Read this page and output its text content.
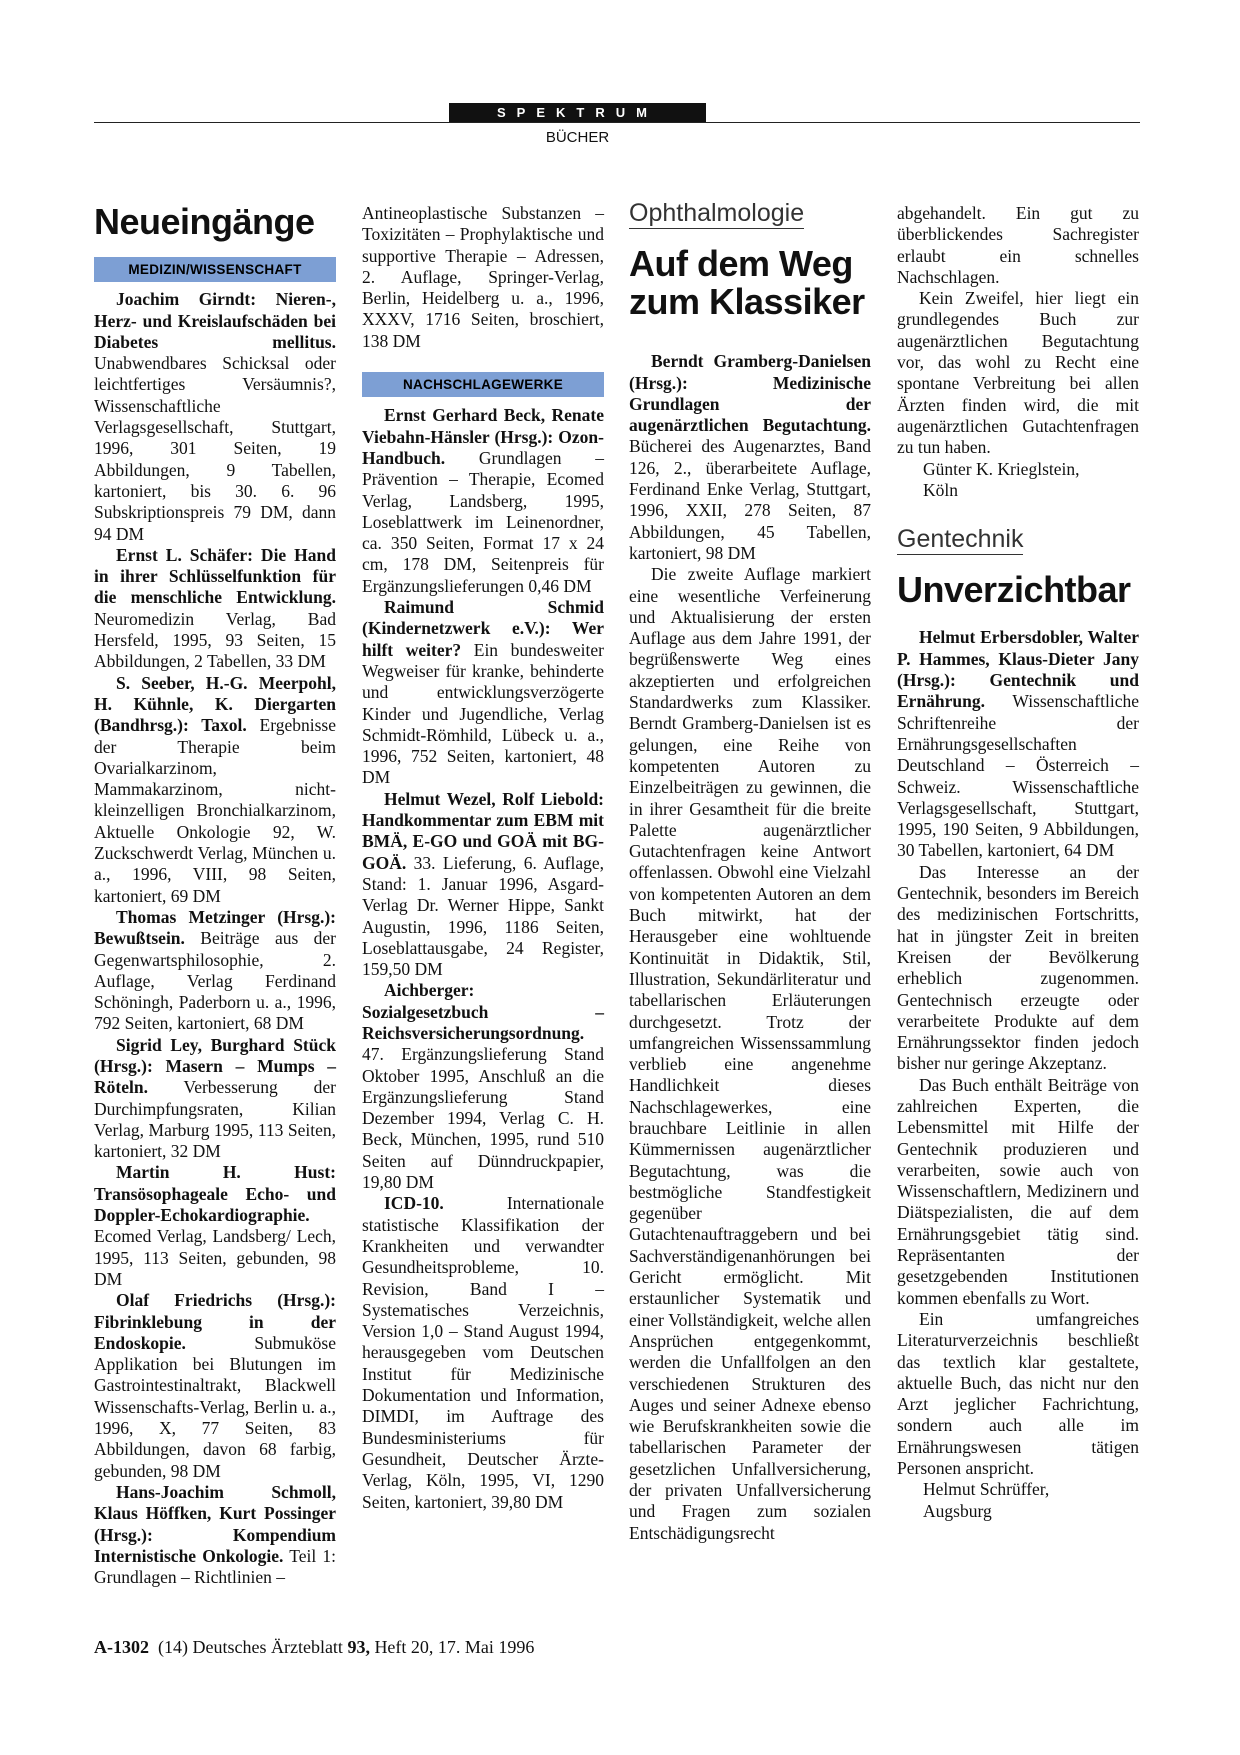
SPEKTRUM
BÜCHER
Neueingänge
MEDIZIN/WISSENSCHAFT

Joachim Girndt: Nieren-, Herz- und Kreislaufschäden bei Diabetes mellitus. Unabwendbares Schicksal oder leichtfertiges Versäumnis?, Wissenschaftliche Verlagsgesellschaft, Stuttgart, 1996, 301 Seiten, 19 Abbildungen, 9 Tabellen, kartoniert, bis 30. 6. 96 Subskriptionspreis 79 DM, dann 94 DM

Ernst L. Schäfer: Die Hand in ihrer Schlüsselfunktion für die menschliche Entwicklung. Neuromedizin Verlag, Bad Hersfeld, 1995, 93 Seiten, 15 Abbildungen, 2 Tabellen, 33 DM

S. Seeber, H.-G. Meerpohl, H. Kühnle, K. Diergarten (Bandhrsg.): Taxol. Ergebnisse der Therapie beim Ovarialkarzinom, Mammakarzinom, nicht-kleinzelligen Bronchialkarzinom, Aktuelle Onkologie 92, W. Zuckschwerdt Verlag, München u. a., 1996, VIII, 98 Seiten, kartoniert, 69 DM

Thomas Metzinger (Hrsg.): Bewußtsein. Beiträge aus der Gegenwartsphilosophie, 2. Auflage, Verlag Ferdinand Schöningh, Paderborn u. a., 1996, 792 Seiten, kartoniert, 68 DM

Sigrid Ley, Burghard Stück (Hrsg.): Masern – Mumps – Röteln. Verbesserung der Durchimpfungsraten, Kilian Verlag, Marburg 1995, 113 Seiten, kartoniert, 32 DM

Martin H. Hust: Transösophageale Echo- und Doppler-Echokardiographie. Ecomed Verlag, Landsberg/ Lech, 1995, 113 Seiten, gebunden, 98 DM

Olaf Friedrichs (Hrsg.): Fibrinklebung in der Endoskopie. Submuköse Applikation bei Blutungen im Gastrointestinaltrakt, Blackwell Wissenschafts-Verlag, Berlin u. a., 1996, X, 77 Seiten, 83 Abbildungen, davon 68 farbig, gebunden, 98 DM

Hans-Joachim Schmoll, Klaus Höffken, Kurt Possinger (Hrsg.): Kompendium Internistische Onkologie. Teil 1: Grundlagen – Richtlinien –

Antineoplastische Substanzen – Toxizitäten – Prophylaktische und supportive Therapie – Adressen, 2. Auflage, Springer-Verlag, Berlin, Heidelberg u. a., 1996, XXXV, 1716 Seiten, broschiert, 138 DM

NACHSCHLAGEWERKE

Ernst Gerhard Beck, Renate Viebahn-Hänsler (Hrsg.): Ozon-Handbuch. Grundlagen – Prävention – Therapie, Ecomed Verlag, Landsberg, 1995, Loseblattwerk im Leinenordner, ca. 350 Seiten, Format 17 x 24 cm, 178 DM, Seitenpreis für Ergänzungslieferungen 0,46 DM

Raimund Schmid (Kindernetzwerk e.V.): Wer hilft weiter? Ein bundesweiter Wegweiser für kranke, behinderte und entwicklungsverzögerte Kinder und Jugendliche, Verlag Schmidt-Römhild, Lübeck u. a., 1996, 752 Seiten, kartoniert, 48 DM

Helmut Wezel, Rolf Liebold: Handkommentar zum EBM mit BMÄ, E-GO und GOÄ mit BG-GOÄ. 33. Lieferung, 6. Auflage, Stand: 1. Januar 1996, Asgard-Verlag Dr. Werner Hippe, Sankt Augustin, 1996, 1186 Seiten, Loseblattausgabe, 24 Register, 159,50 DM

Aichberger: Sozialgesetzbuch – Reichsversicherungsordnung. 47. Ergänzungslieferung Stand Oktober 1995, Anschluß an die Ergänzungslieferung Stand Dezember 1994, Verlag C. H. Beck, München, 1995, rund 510 Seiten auf Dünndruckpapier, 19,80 DM

ICD-10. Internationale statistische Klassifikation der Krankheiten und verwandter Gesundheitsprobleme, 10. Revision, Band I – Systematisches Verzeichnis, Version 1,0 – Stand August 1994, herausgegeben vom Deutschen Institut für Medizinische Dokumentation und Information, DIMDI, im Auftrage des Bundesministeriums für Gesundheit, Deutscher Ärzte-Verlag, Köln, 1995, VI, 1290 Seiten, kartoniert, 39,80 DM

Ophthalmologie
Auf dem Weg zum Klassiker

Berndt Gramberg-Danielsen (Hrsg.): Medizinische Grundlagen der augenärztlichen Begutachtung. Bücherei des Augenarztes, Band 126, 2., überarbeitete Auflage, Ferdinand Enke Verlag, Stuttgart, 1996, XXII, 278 Seiten, 87 Abbildungen, 45 Tabellen, kartoniert, 98 DM

Die zweite Auflage markiert eine wesentliche Verfeinerung und Aktualisierung der ersten Auflage aus dem Jahre 1991, der begrüßenswerte Weg eines akzeptierten und erfolgreichen Standardwerks zum Klassiker. Berndt Gramberg-Danielsen ist es gelungen, eine Reihe von kompetenten Autoren zu Einzelbeiträgen zu gewinnen, die in ihrer Gesamtheit für die breite Palette augenärztlicher Gutachtenfragen keine Antwort offenlassen. Obwohl eine Vielzahl von kompetenten Autoren an dem Buch mitwirkt, hat der Herausgeber eine wohltuende Kontinuität in Didaktik, Stil, Illustration, Sekundärliteratur und tabellarischen Erläuterungen durchgesetzt. Trotz der umfangreichen Wissenssammlung verblieb eine angenehme Handlichkeit dieses Nachschlagewerkes, eine brauchbare Leitlinie in allen Kümmernissen augenärztlicher Begutachtung, was die bestmögliche Standfestigkeit gegenüber Gutachtenauftraggebern und bei Sachverständigenanhörungen bei Gericht ermöglicht. Mit erstaunlicher Systematik und einer Vollständigkeit, welche allen Ansprüchen entgegenkommt, werden die Unfallfolgen an den verschiedenen Strukturen des Auges und seiner Adnexe ebenso wie Berufskrankheiten sowie die tabellarischen Parameter der gesetzlichen Unfallversicherung, der privaten Unfallversicherung und Fragen zum sozialen Entschädigungsrecht

abgehandelt. Ein gut zu überblickendes Sachregister erlaubt ein schnelles Nachschlagen.

Kein Zweifel, hier liegt ein grundlegendes Buch zur augenärztlichen Begutachtung vor, das wohl zu Recht eine spontane Verbreitung bei allen Ärzten finden wird, die mit augenärztlichen Gutachtenfragen zu tun haben.

Günter K. Krieglstein,

Köln

Gentechnik
Unverzichtbar

Helmut Erbersdobler, Walter P. Hammes, Klaus-Dieter Jany (Hrsg.): Gentechnik und Ernährung. Wissenschaftliche Schriftenreihe der Ernährungsgesellschaften Deutschland – Österreich – Schweiz. Wissenschaftliche Verlagsgesellschaft, Stuttgart, 1995, 190 Seiten, 9 Abbildungen, 30 Tabellen, kartoniert, 64 DM

Das Interesse an der Gentechnik, besonders im Bereich des medizinischen Fortschritts, hat in jüngster Zeit in breiten Kreisen der Bevölkerung erheblich zugenommen. Gentechnisch erzeugte oder verarbeitete Produkte auf dem Ernährungssektor finden jedoch bisher nur geringe Akzeptanz.

Das Buch enthält Beiträge von zahlreichen Experten, die Lebensmittel mit Hilfe der Gentechnik produzieren und verarbeiten, sowie auch von Wissenschaftlern, Medizinern und Diätspezialisten, die auf dem Ernährungsgebiet tätig sind. Repräsentanten der gesetzgebenden Institutionen kommen ebenfalls zu Wort.

Ein umfangreiches Literaturverzeichnis beschließt das textlich klar gestaltete, aktuelle Buch, das nicht nur den Arzt jeglicher Fachrichtung, sondern auch alle im Ernährungswesen tätigen Personen anspricht.

Helmut Schrüffer,

Augsburg

A-1302  (14) Deutsches Ärzteblatt 93, Heft 20, 17. Mai 1996
